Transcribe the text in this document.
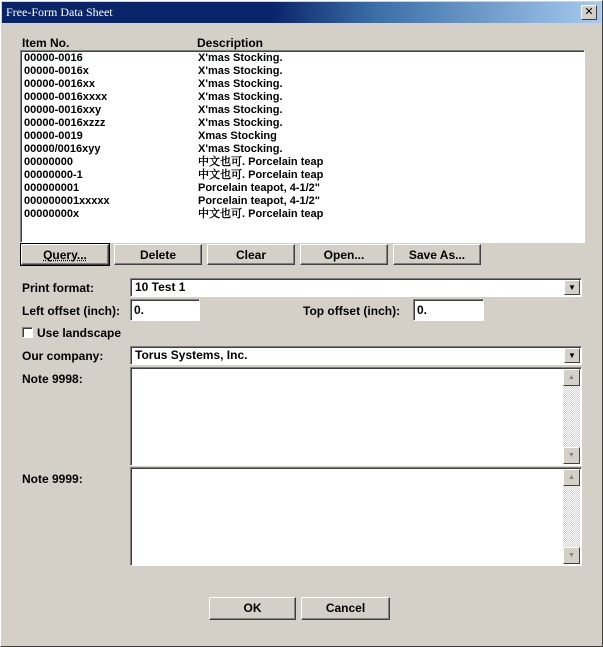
Free-Form Data Sheet	✕
Item No.	Description
00000-0016	X'mas Stocking.
00000-0016x	X'mas Stocking.
00000-0016xx	X'mas Stocking.
00000-0016xxxx	X'mas Stocking.
00000-0016xxy	X'mas Stocking.
00000-0016xzzz	X'mas Stocking.
00000-0019	Xmas Stocking
00000/0016xyy	X'mas Stocking.
00000000	中文也可. Porcelain teap
00000000-1	中文也可. Porcelain teap
000000001	Porcelain teapot, 4-1/2"
000000001xxxxx	Porcelain teapot, 4-1/2"
00000000x	中文也可. Porcelain teap
Query...	Delete	Clear	Open...	Save As...
Print format:	10 Test 1	▼
Left offset (inch):	0.	Top offset (inch):	0.
Use landscape
Our company:	Torus Systems, Inc.	▼
Note 9998:	▲
▼
Note 9999:	▲
▼
OK	Cancel
